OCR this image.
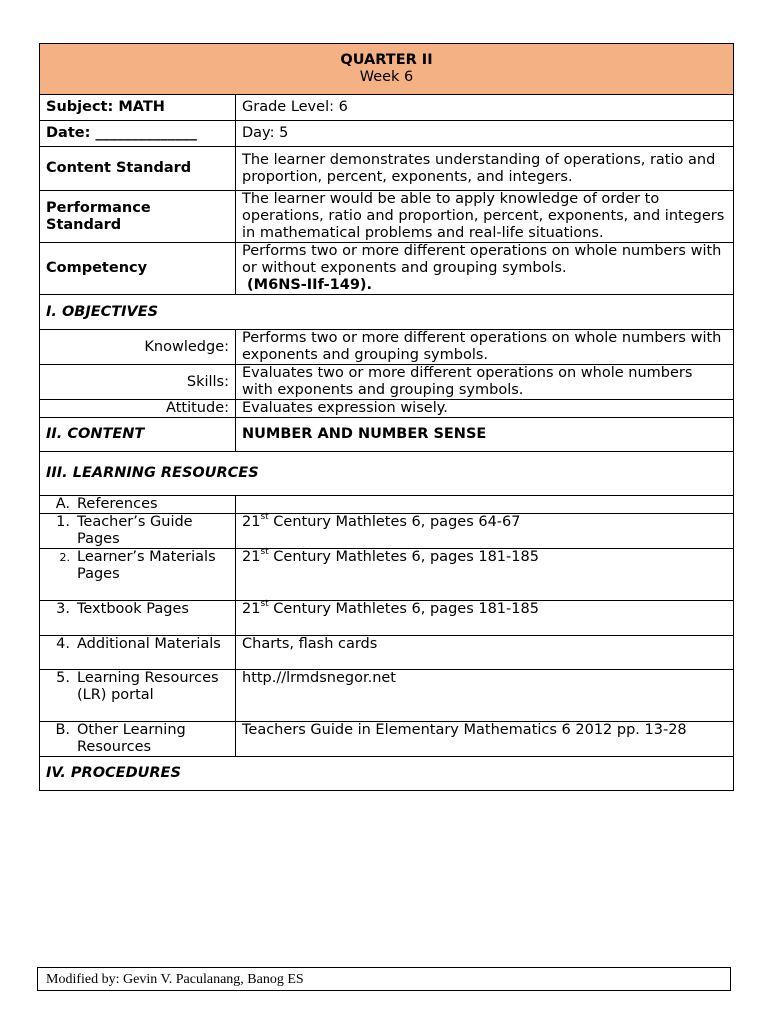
QUARTER II
Week 6	
Subject: MATH	Grade Level: 6
Date: ______________	Day: 5
Content Standard	The learner demonstrates understanding of operations, ratio and proportion, percent, exponents, and integers.
Performance Standard	The learner would be able to apply knowledge of order to operations, ratio and proportion, percent, exponents, and integers in mathematical problems and real-life situations.
Competency	Performs two or more different operations on whole numbers with or without exponents and grouping symbols.
(M6NS-IIf-149).
I. OBJECTIVES	
Knowledge:	Performs two or more different operations on whole numbers with exponents and grouping symbols.
Skills:	Evaluates two or more different operations on whole numbers with exponents and grouping symbols.
Attitude:	Evaluates expression wisely.
II. CONTENT	NUMBER AND NUMBER SENSE
III. LEARNING RESOURCES	

A. References	

1. Teacher’s Guide Pages	21st Century Mathletes 6, pages 64-67

2. Learner’s Materials Pages	21st Century Mathletes 6, pages 181-185

3. Textbook Pages	21st Century Mathletes 6, pages 181-185

4. Additional Materials	Charts, flash cards

5. Learning Resources (LR) portal	http.//lrmdsnegor.net

B. Other Learning Resources	Teachers Guide in Elementary Mathematics 6 2012 pp. 13-28
IV. PROCEDURES	
Modified by: Gevin V. Paculanang, Banog ES
